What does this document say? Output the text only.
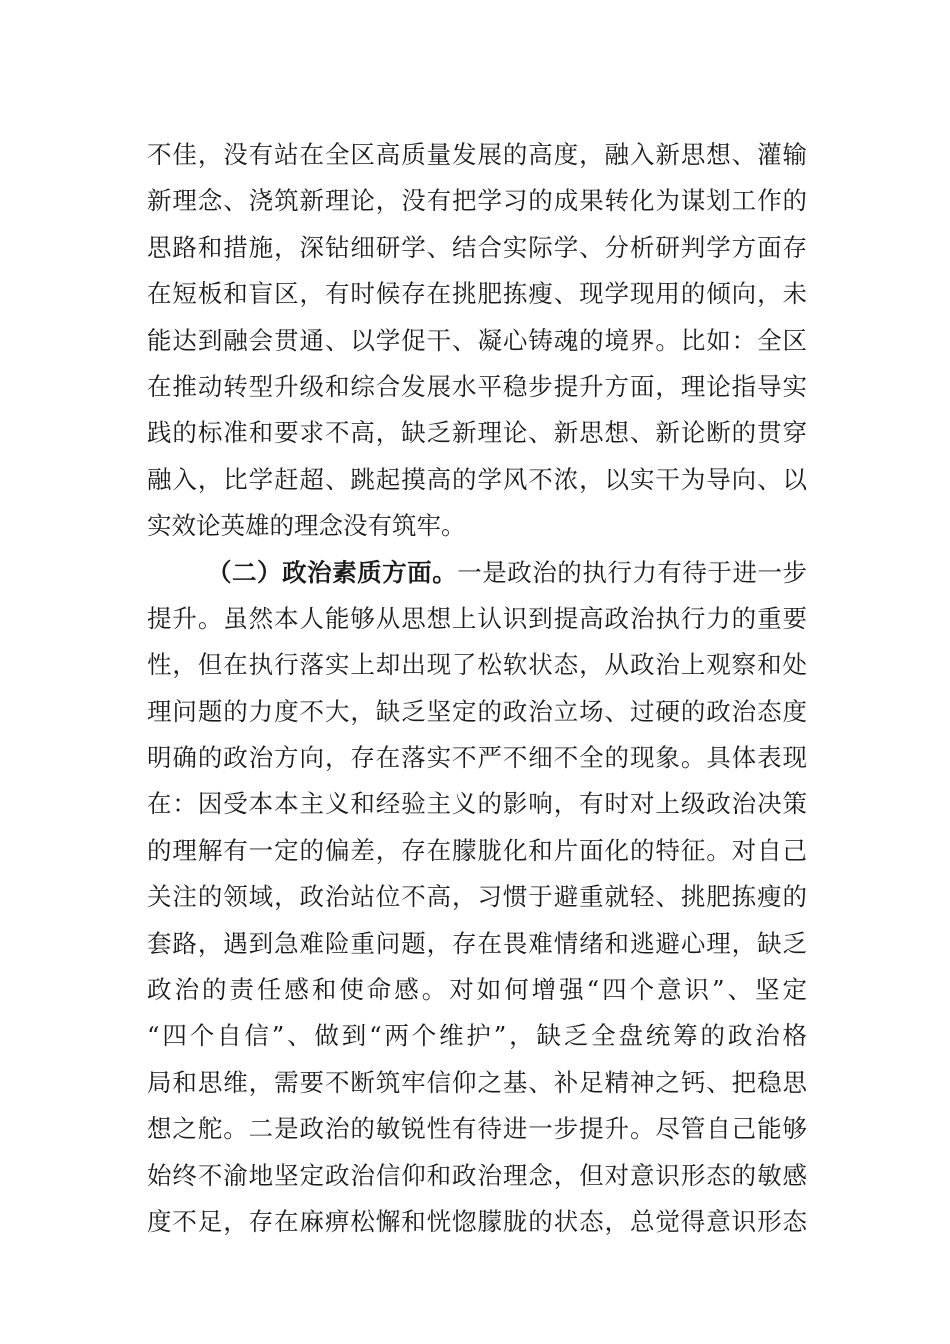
不佳，没有站在全区高质量发展的高度，融入新思想、灌输
新理念、浇筑新理论，没有把学习的成果转化为谋划工作的
思路和措施，深钻细研学、结合实际学、分析研判学方面存
在短板和盲区，有时候存在挑肥拣瘦、现学现用的倾向，未
能达到融会贯通、以学促干、凝心铸魂的境界。比如：全区
在推动转型升级和综合发展水平稳步提升方面，理论指导实
践的标准和要求不高，缺乏新理论、新思想、新论断的贯穿
融入，比学赶超、跳起摸高的学风不浓，以实干为导向、以
实效论英雄的理念没有筑牢。
（二）政治素质方面。一是政治的执行力有待于进一步
提升。虽然本人能够从思想上认识到提高政治执行力的重要
性，但在执行落实上却出现了松软状态，从政治上观察和处
理问题的力度不大，缺乏坚定的政治立场、过硬的政治态度
明确的政治方向，存在落实不严不细不全的现象。具体表现
在：因受本本主义和经验主义的影响，有时对上级政治决策
的理解有一定的偏差，存在朦胧化和片面化的特征。对自己
关注的领域，政治站位不高，习惯于避重就轻、挑肥拣瘦的
套路，遇到急难险重问题，存在畏难情绪和逃避心理，缺乏
政治的责任感和使命感。对如何增强“四个意识”、坚定
“四个自信”、做到“两个维护”，缺乏全盘统筹的政治格
局和思维，需要不断筑牢信仰之基、补足精神之钙、把稳思
想之舵。二是政治的敏锐性有待进一步提升。尽管自己能够
始终不渝地坚定政治信仰和政治理念，但对意识形态的敏感
度不足，存在麻痹松懈和恍惚朦胧的状态，总觉得意识形态
